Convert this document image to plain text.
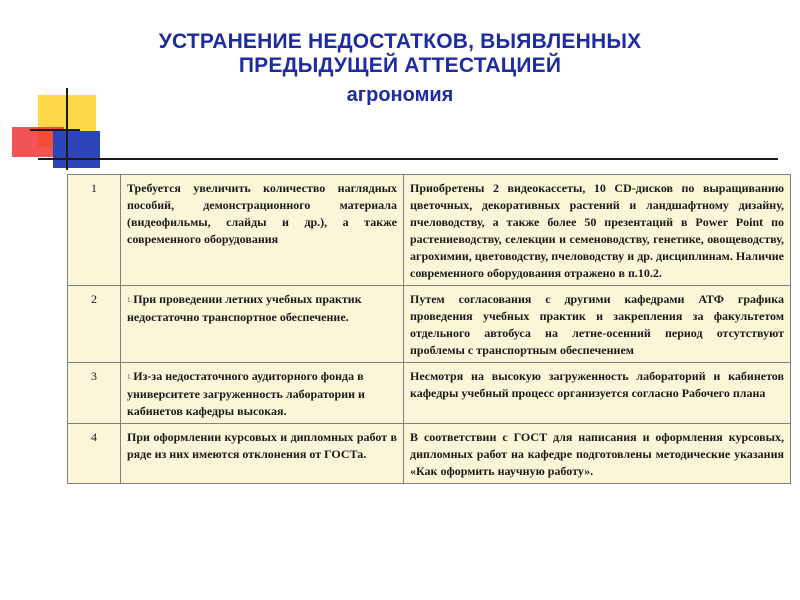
УСТРАНЕНИЕ НЕДОСТАТКОВ, ВЫЯВЛЕННЫХ
ПРЕДЫДУЩЕЙ АТТЕСТАЦИЕЙ
агрономия
1	Требуется увеличить количество наглядных пособий, демонстрационного материала (видеофильмы, слайды и др.), а также современного оборудования	Приобретены 2 видеокассеты, 10 CD-дисков по выращиванию цветочных, декоративных растений и ландшафтному дизайну, пчеловодству, а также более 50 презентаций в Power Point по растениеводству, селекции и семеноводству, генетике, овощеводству, агрохимии, цветоводству, пчеловодству и др. дисциплинам. Наличие современного оборудования отражено в п.10.2.
2	1.При проведении летних учебных практик недостаточно транспортное обеспечение.	Путем согласования с другими кафедрами АТФ графика проведения учебных практик и закрепления за факультетом отдельного автобуса на летне-осенний период отсутствуют проблемы с транспортным обеспечением
3	1.Из-за недостаточного аудиторного фонда в университете загруженность лаборатории и кабинетов кафедры высокая.	Несмотря на высокую загруженность лабораторий и кабинетов кафедры учебный процесс организуется согласно Рабочего плана
4	При оформлении курсовых и дипломных работ в ряде из них имеются отклонения от ГОСТа.	В соответствии с ГОСТ для написания и оформления курсовых, дипломных работ на кафедре подготовлены методические указания «Как оформить научную работу».
